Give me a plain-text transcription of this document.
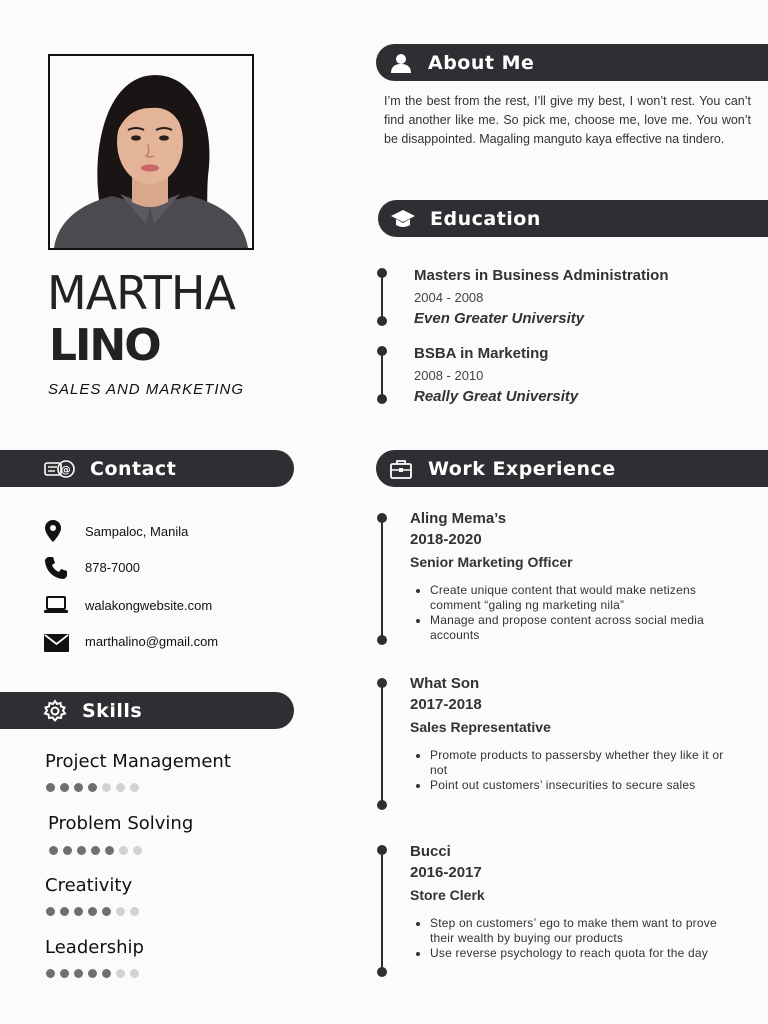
MARTHA
LINO
SALES AND MARKETING
About Me
I’m the best from the rest, I’ll give my best, I won’t rest. You can’t find another like me. So pick me, choose me, love me. You won’t be disappointed. Magaling manguto kaya effective na tindero.
Education
Masters in Business Administration
2004 - 2008
Even Greater University
BSBA in Marketing
2008 - 2010
Really Great University
@ Contact
Sampaloc, Manila
878-7000
walakongwebsite.com
marthalino@gmail.com
Skills
Project Management
Problem Solving
Creativity
Leadership
Work Experience
Aling Mema’s
2018-2020
Senior Marketing Officer
• Create unique content that would make netizens comment “galing ng marketing nila”
• Manage and propose content across social media accounts
What Son
2017-2018
Sales Representative
• Promote products to passersby whether they like it or not
• Point out customers’ insecurities to secure sales
Bucci
2016-2017
Store Clerk
• Step on customers’ ego to make them want to prove their wealth by buying our products
• Use reverse psychology to reach quota for the day
